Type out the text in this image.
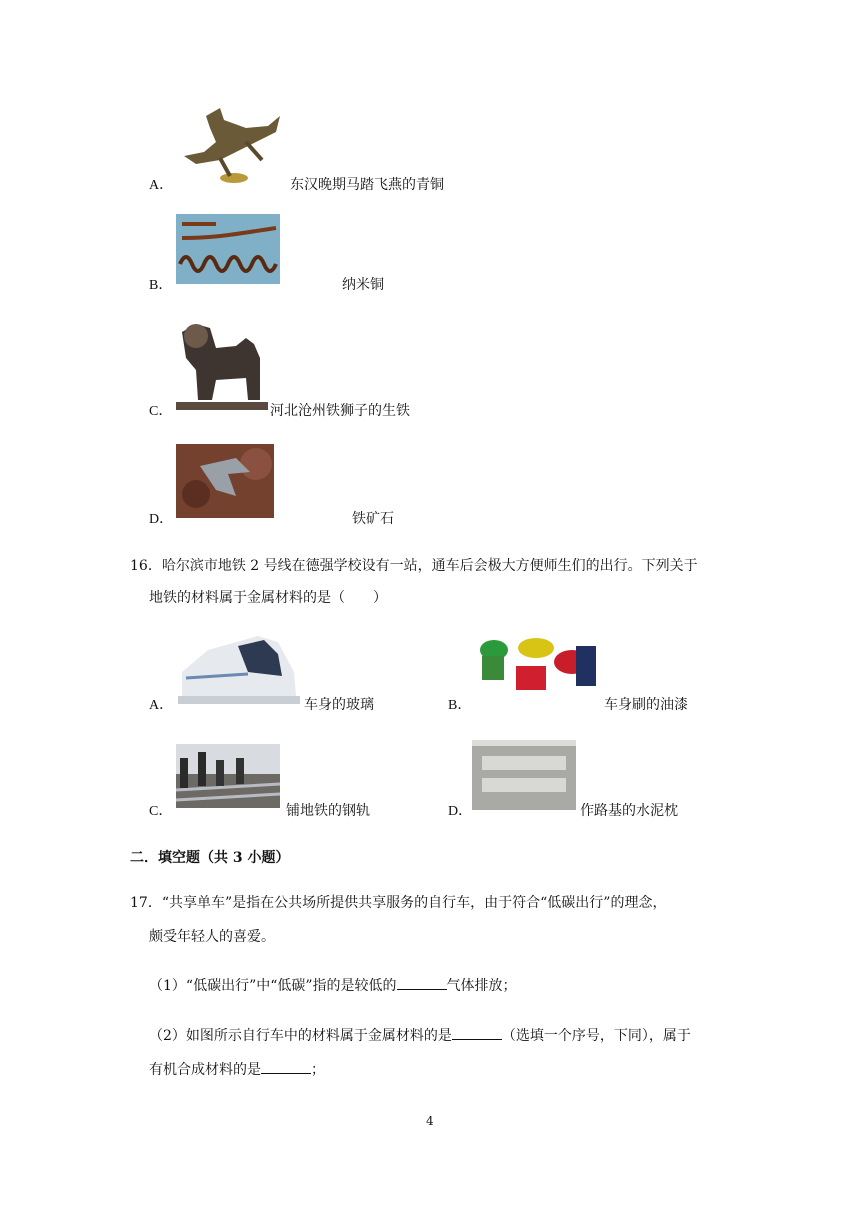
A．	东汉晚期马踏飞燕的青铜
B．	纳米铜
C．	河北沧州铁狮子的生铁
D．	铁矿石
16．哈尔滨市地铁 2 号线在德强学校设有一站，通车后会极大方便师生们的出行。下列关于
地铁的材料属于金属材料的是（　　）
A．	车身的玻璃	B．	车身刷的油漆
C．	铺地铁的钢轨	D．	作路基的水泥枕
二．填空题（共 3 小题）
17．“共享单车”是指在公共场所提供共享服务的自行车，由于符合“低碳出行”的理念，
颇受年轻人的喜爱。
（1）“低碳出行”中“低碳”指的是较低的	气体排放；
（2）如图所示自行车中的材料属于金属材料的是	（选填一个序号，下同），属于
有机合成材料的是	；
4
